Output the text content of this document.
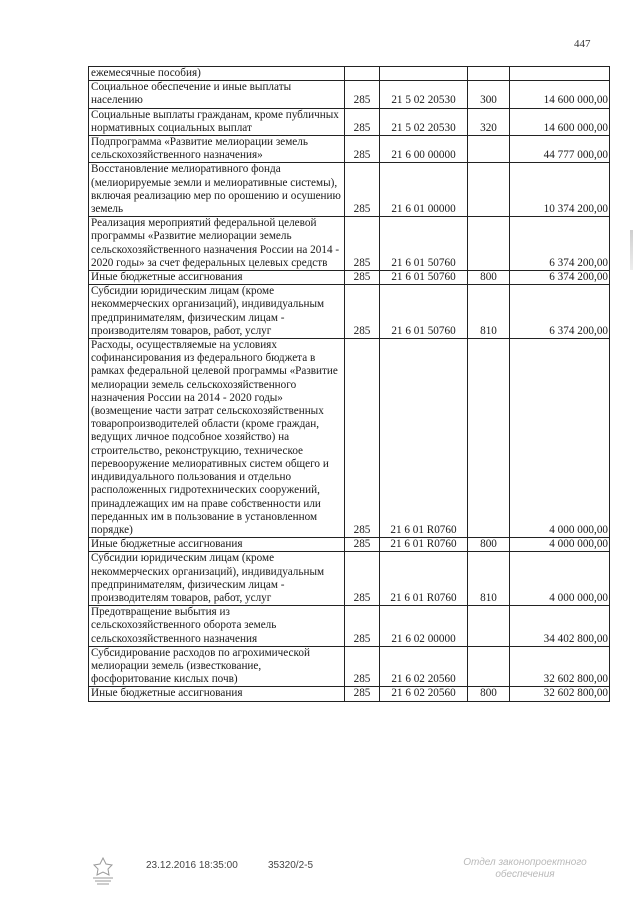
447
ежемесячные пособия)				
Социальное обеспечение и иные выплаты населению	285	21 5 02 20530	300	14 600 000,00
Социальные выплаты гражданам, кроме публичных нормативных социальных выплат	285	21 5 02 20530	320	14 600 000,00
Подпрограмма «Развитие мелиорации земель сельскохозяйственного назначения»	285	21 6 00 00000		44 777 000,00
Восстановление мелиоративного фонда (мелиорируемые земли и мелиоративные системы), включая реализацию мер по орошению и осушению земель	285	21 6 01 00000		10 374 200,00
Реализация мероприятий федеральной целевой программы «Развитие мелиорации земель сельскохозяйственного назначения России на 2014 - 2020 годы» за счет федеральных целевых средств	285	21 6 01 50760		6 374 200,00
Иные бюджетные ассигнования	285	21 6 01 50760	800	6 374 200,00
Субсидии юридическим лицам (кроме некоммерческих организаций), индивидуальным предпринимателям, физическим лицам - производителям товаров, работ, услуг	285	21 6 01 50760	810	6 374 200,00
Расходы, осуществляемые на условиях софинансирования из федерального бюджета в рамках федеральной целевой программы «Развитие мелиорации земель сельскохозяйственного назначения России на 2014 - 2020 годы» (возмещение части затрат сельскохозяйственных товаропроизводителей области (кроме граждан, ведущих личное подсобное хозяйство) на строительство, реконструкцию, техническое перевооружение мелиоративных систем общего и индивидуального пользования и отдельно расположенных гидротехнических сооружений, принадлежащих им на праве собственности или переданных им в пользование в установленном порядке)	285	21 6 01 R0760		4 000 000,00
Иные бюджетные ассигнования	285	21 6 01 R0760	800	4 000 000,00
Субсидии юридическим лицам (кроме некоммерческих организаций), индивидуальным предпринимателям, физическим лицам - производителям товаров, работ, услуг	285	21 6 01 R0760	810	4 000 000,00
Предотвращение выбытия из сельскохозяйственного оборота земель сельскохозяйственного назначения	285	21 6 02 00000		34 402 800,00
Субсидирование расходов по агрохимической мелиорации земель (известкование, фосфоритование кислых почв)	285	21 6 02 20560		32 602 800,00
Иные бюджетные ассигнования	285	21 6 02 20560	800	32 602 800,00
23.12.2016 18:35:00	35320/2-5	Отдел законопроектного обеспечения
